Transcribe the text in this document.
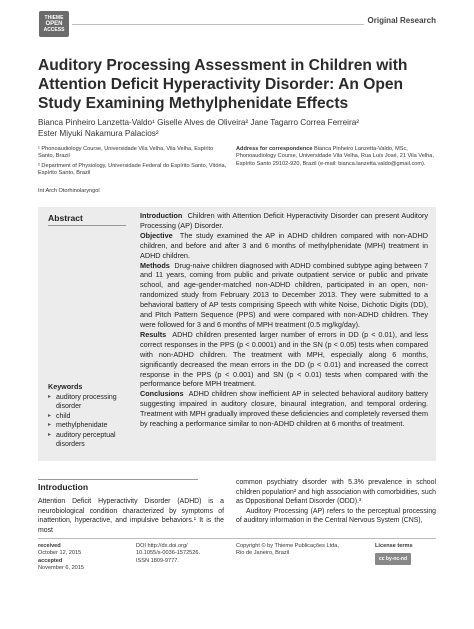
THIEME
OPEN
ACCESS
Original Research
Auditory Processing Assessment in Children with Attention Deficit Hyperactivity Disorder: An Open Study Examining Methylphenidate Effects
Bianca Pinheiro Lanzetta-Valdo¹ Giselle Alves de Oliveira² Jane Tagarro Correa Ferreira²
Ester Miyuki Nakamura Palacios²

¹ Phonoaudiology Course, Universidade Vila Velha, Vila Velha, Espírito Santo, Brazil

² Department of Physiology, Universidade Federal do Espírito Santo, Vitória, Espírito Santo, Brazil

Address for correspondence Bianca Pinheiro Lanzetta-Valdo, MSc, Phonoaudiology Course, Universidade Vila Velha, Rua Luís José, 21 Vila Velha, Espírito Santo 29102-920, Brazil (e-mail: bianca.lanzetta.valdo@gmail.com).
Int Arch Otorhinolaryngol
Abstract	Introduction Children with Attention Deficit Hyperactivity Disorder can present Auditory Processing (AP) Disorder.

Objective The study examined the AP in ADHD children compared with non-ADHD children, and before and after 3 and 6 months of methylphenidate (MPH) treatment in ADHD children.

Methods Drug-naive children diagnosed with ADHD combined subtype aging between 7 and 11 years, coming from public and private outpatient service or public and private school, and age-gender-matched non-ADHD children, participated in an open, non-randomized study from February 2013 to December 2013. They were submitted to a behavioral battery of AP tests comprising Speech with white Noise, Dichotic Digits (DD), and Pitch Pattern Sequence (PPS) and were compared with non-ADHD children. They were followed for 3 and 6 months of MPH treatment (0.5 mg/kg/day).

Results ADHD children presented larger number of errors in DD (p < 0.01), and less correct responses in the PPS (p < 0.0001) and in the SN (p < 0.05) tests when compared with non-ADHD children. The treatment with MPH, especially along 6 months, significantly decreased the mean errors in the DD (p < 0.01) and increased the correct response in the PPS (p < 0.001) and SN (p < 0.01) tests when compared with the performance before MPH treatment.

Conclusions ADHD children show inefficient AP in selected behavioral auditory battery suggesting impaired in auditory closure, binaural integration, and temporal ordering. Treatment with MPH gradually improved these deficiencies and completely reversed them by reaching a performance similar to non-ADHD children at 6 months of treatment.

Keywords
▸ auditory processing disorder
▸ child
▸ methylphenidate
▸ auditory perceptual disorders
Introduction

Attention Deficit Hyperactivity Disorder (ADHD) is a neurobiological condition characterized by symptoms of inattention, hyperactive, and impulsive behaviors.¹ It is the most

common psychiatry disorder with 5.3% prevalence in school children population² and high association with comorbidities, such as Oppositional Defiant Disorder (ODD).³

Auditory Processing (AP) refers to the perceptual processing of auditory information in the Central Nervous System (CNS),

received
October 12, 2015
accepted
November 6, 2015
DOI http://dx.doi.org/
10.1055/s-0036-1572526.
ISSN 1809-9777.
Copyright © by Thieme Publicações Ltda,
Rio de Janeiro, Brazil
License terms
cc by-nc-nd
